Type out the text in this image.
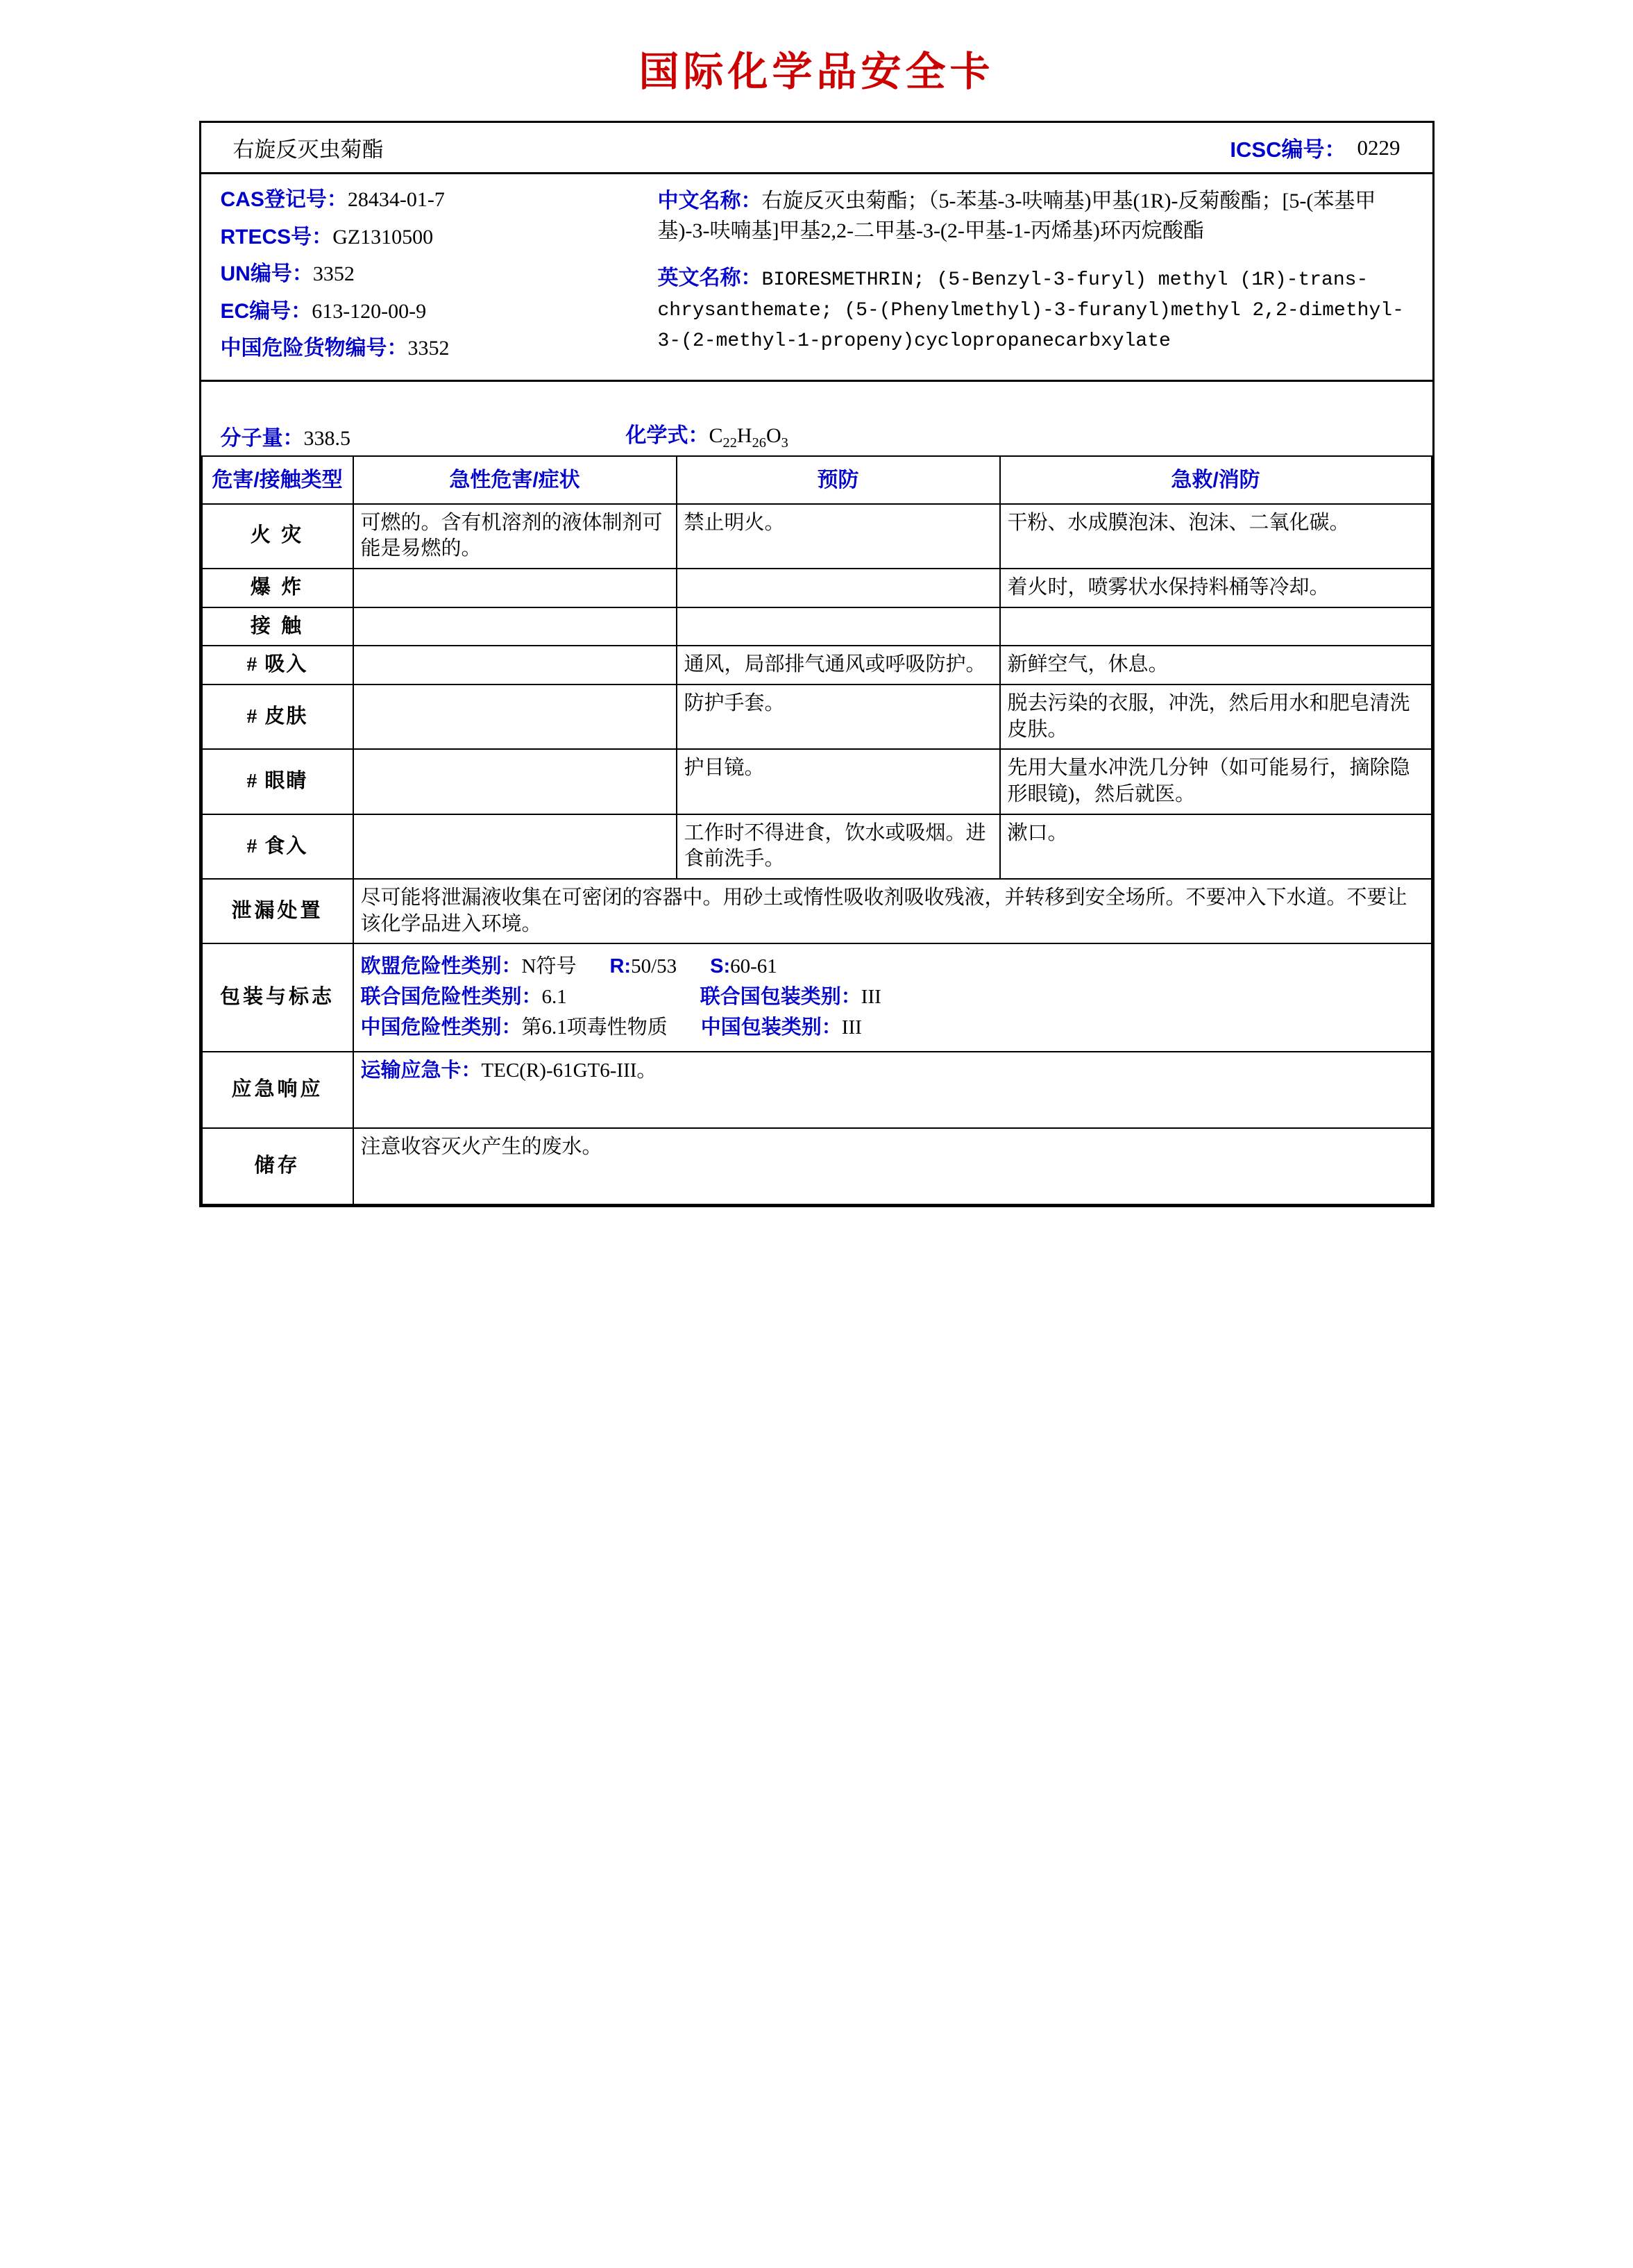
国际化学品安全卡
右旋反灭虫菊酯	ICSC编号： 0229
CAS登记号：28434-01-7
RTECS号：GZ1310500
UN编号：3352
EC编号：613-120-00-9
中国危险货物编号：3352
中文名称：右旋反灭虫菊酯；（5-苯基-3-呋喃基)甲基(1R)-反菊酸酯；[5-(苯基甲基)-3-呋喃基]甲基2,2-二甲基-3-(2-甲基-1-丙烯基)环丙烷酸酯
英文名称：BIORESMETHRIN; (5-Benzyl-3-furyl) methyl (1R)-trans-chrysanthemate; (5-(Phenylmethyl)-3-furanyl)methyl 2,2-dimethyl-3-(2-methyl-1-propeny)cyclopropanecarbxylate
分子量：338.5	化学式：$C_{22}H_{26}O_3$
危害/接触类型	急性危害/症状	预防	急救/消防
火 灾	可燃的。含有机溶剂的液体制剂可能是易燃的。	禁止明火。	干粉、水成膜泡沫、泡沫、二氧化碳。
爆 炸			着火时，喷雾状水保持料桶等冷却。
接 触			
# 吸入		通风，局部排气通风或呼吸防护。	新鲜空气，休息。
# 皮肤		防护手套。	脱去污染的衣服，冲洗，然后用水和肥皂清洗皮肤。
# 眼睛		护目镜。	先用大量水冲洗几分钟（如可能易行，摘除隐形眼镜)，然后就医。
# 食入		工作时不得进食，饮水或吸烟。进食前洗手。	漱口。
泄漏处置	尽可能将泄漏液收集在可密闭的容器中。用砂土或惰性吸收剂吸收残液，并转移到安全场所。不要冲入下水道。不要让该化学品进入环境。		
包装与标志	欧盟危险性类别：N符号 R:50/53 S:60-61
联合国危险性类别：6.1 联合国包装类别：III
中国危险性类别：第6.1项毒性物质 中国包装类别：III		

应急响应	运输应急卡：TEC(R)-61GT6-III。		
储存	注意收容灭火产生的废水。		
